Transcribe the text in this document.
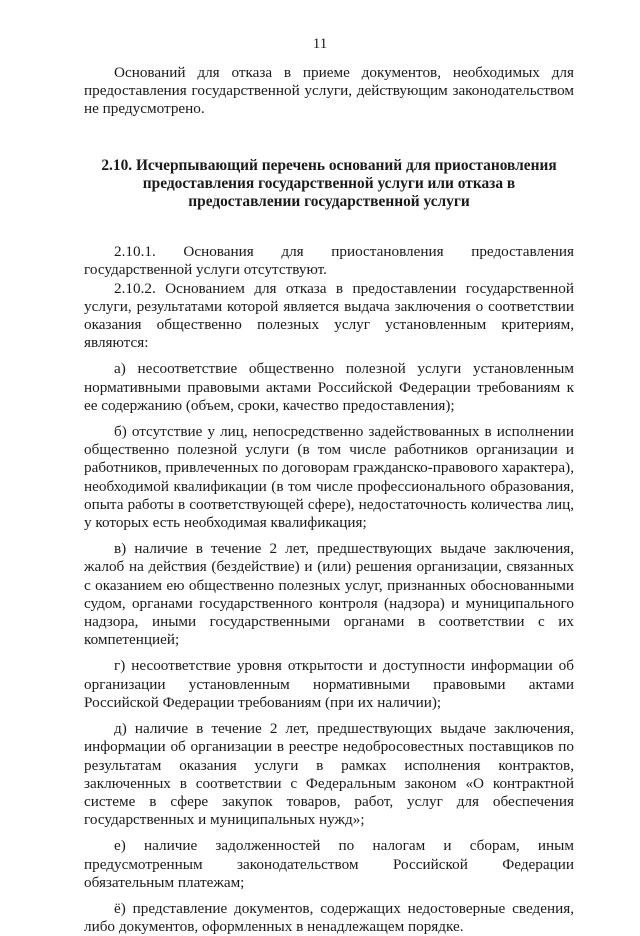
11

Оснований для отказа в приеме документов, необходимых для предоставления государственной услуги, действующим законодательством не предусмотрено.

2.10. Исчерпывающий перечень оснований для приостановления предоставления государственной услуги или отказа в предоставлении государственной услуги

2.10.1. Основания для приостановления предоставления государственной услуги отсутствуют.

2.10.2. Основанием для отказа в предоставлении государственной услуги, результатами которой является выдача заключения о соответствии оказания общественно полезных услуг установленным критериям, являются:

а) несоответствие общественно полезной услуги установленным нормативными правовыми актами Российской Федерации требованиям к ее содержанию (объем, сроки, качество предоставления);

б) отсутствие у лиц, непосредственно задействованных в исполнении общественно полезной услуги (в том числе работников организации и работников, привлеченных по договорам гражданско-правового характера), необходимой квалификации (в том числе профессионального образования, опыта работы в соответствующей сфере), недостаточность количества лиц, у которых есть необходимая квалификация;

в) наличие в течение 2 лет, предшествующих выдаче заключения, жалоб на действия (бездействие) и (или) решения организации, связанных с оказанием ею общественно полезных услуг, признанных обоснованными судом, органами государственного контроля (надзора) и муниципального надзора, иными государственными органами в соответствии с их компетенцией;

г) несоответствие уровня открытости и доступности информации об организации установленным нормативными правовыми актами Российской Федерации требованиям (при их наличии);

д) наличие в течение 2 лет, предшествующих выдаче заключения, информации об организации в реестре недобросовестных поставщиков по результатам оказания услуги в рамках исполнения контрактов, заключенных в соответствии с Федеральным законом «О контрактной системе в сфере закупок товаров, работ, услуг для обеспечения государственных и муниципальных нужд»;

е) наличие задолженностей по налогам и сборам, иным предусмотренным законодательством Российской Федерации обязательным платежам;

ё) представление документов, содержащих недостоверные сведения, либо документов, оформленных в ненадлежащем порядке.
